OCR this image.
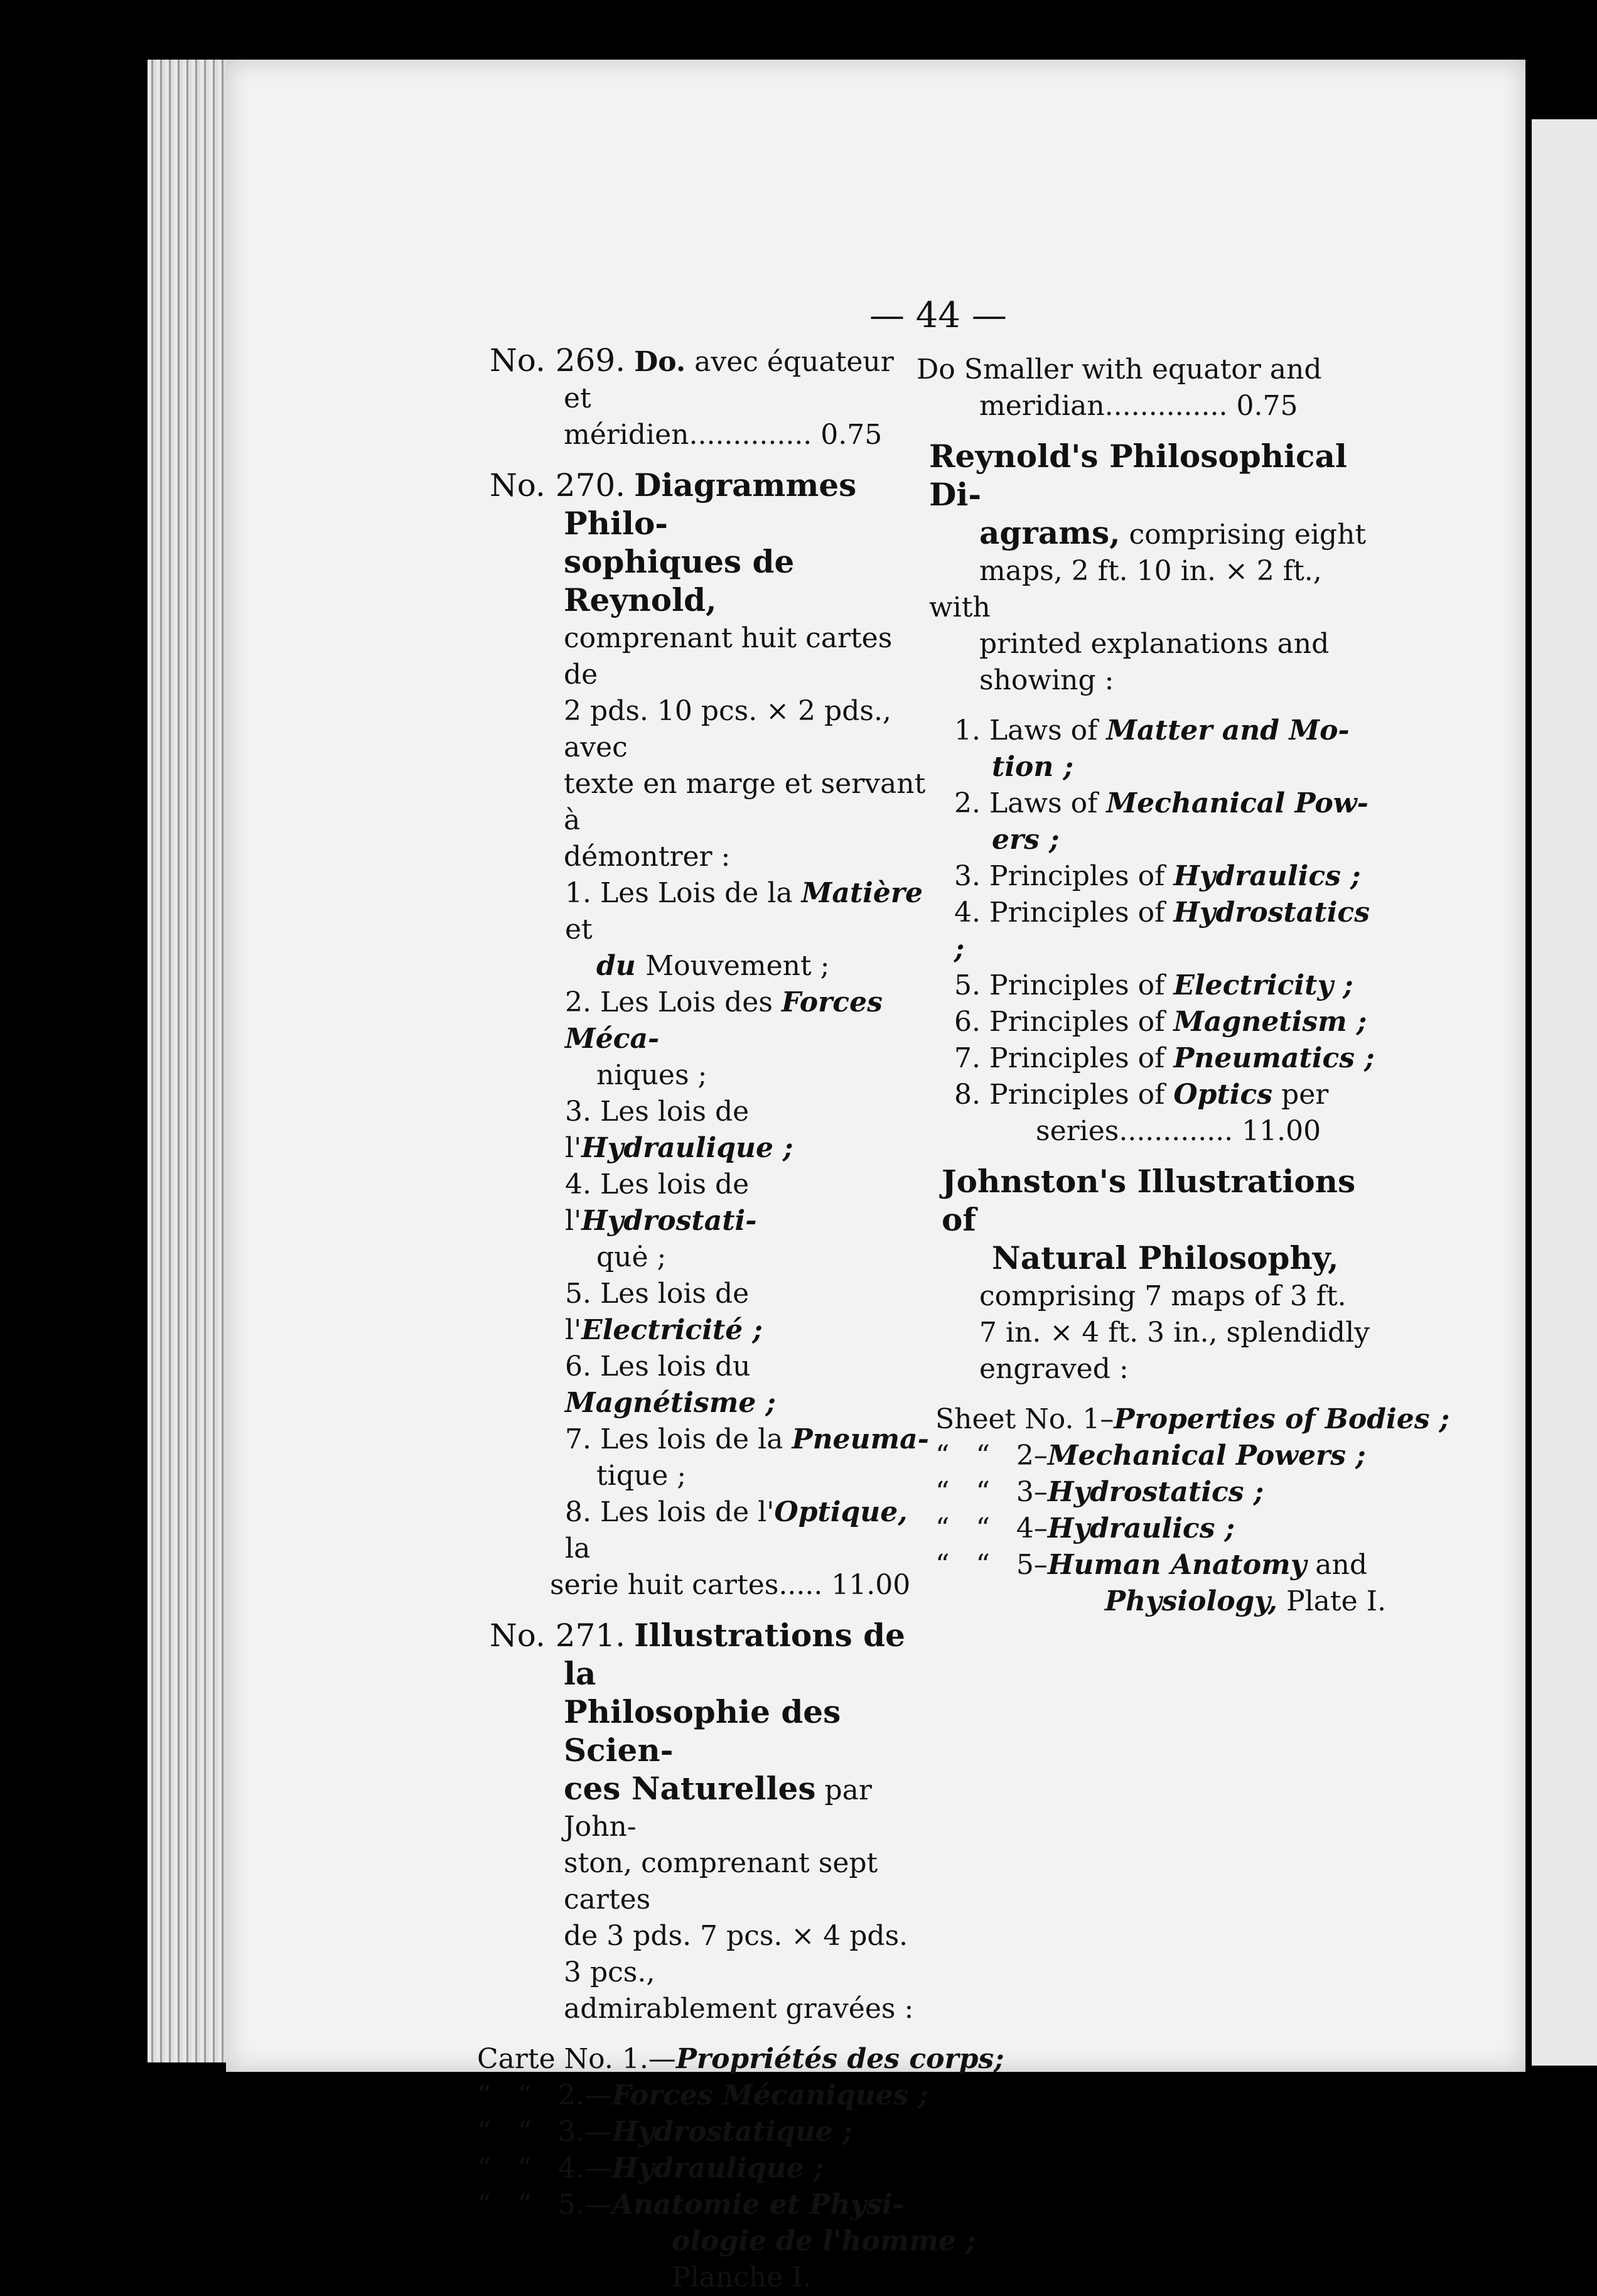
— 44 —
No. 269. Do. avec équateur et
méridien.............. 0.75
No. 270. Diagrammes Philo-
sophiques de Reynold,
comprenant huit cartes de
2 pds. 10 pcs. × 2 pds., avec
texte en marge et servant à
démontrer :
1. Les Lois de la Matière et
du Mouvement ;
2. Les Lois des Forces Méca-
niques ;
3. Les lois de l'Hydraulique ;
4. Les lois de l'Hydrostati-
quė ;
5. Les lois de l'Electricité ;
6. Les lois du Magnétisme ;
7. Les lois de la Pneuma-
tique ;
8. Les lois de l'Optique, la
serie huit cartes..... 11.00
No. 271. Illustrations de la
Philosophie des Scien-
ces Naturelles par John-
ston, comprenant sept cartes
de 3 pds. 7 pcs. × 4 pds. 3 pcs.,
admirablement gravées :
Carte No. 1.—Propriétés des corps;
“   “   2.—Forces Mécaniques ;
“   “   3.—Hydrostatique ;
“   “   4.—Hydraulique ;
“   “   5.—Anatomie et Physi-
ologie de l'homme ;
Planche I.
Do Smaller with equator and
meridian.............. 0.75
Reynold's Philosophical Di-
agrams, comprising eight
maps, 2 ft. 10 in. × 2 ft., with
printed explanations and
showing :
1. Laws of Matter and Mo-
tion ;
2. Laws of Mechanical Pow-
ers ;
3. Principles of Hydraulics ;
4. Principles of Hydrostatics ;
5. Principles of Electricity ;
6. Principles of Magnetism ;
7. Principles of Pneumatics ;
8. Principles of Optics per
series............. 11.00
Johnston's Illustrations of
Natural Philosophy,
comprising 7 maps of 3 ft.
7 in. × 4 ft. 3 in., splendidly
engraved :
Sheet No. 1–Properties of Bodies ;
“   “   2–Mechanical Powers ;
“   “   3–Hydrostatics ;
“   “   4–Hydraulics ;
“   “   5–Human Anatomy and
Physiology, Plate I.
